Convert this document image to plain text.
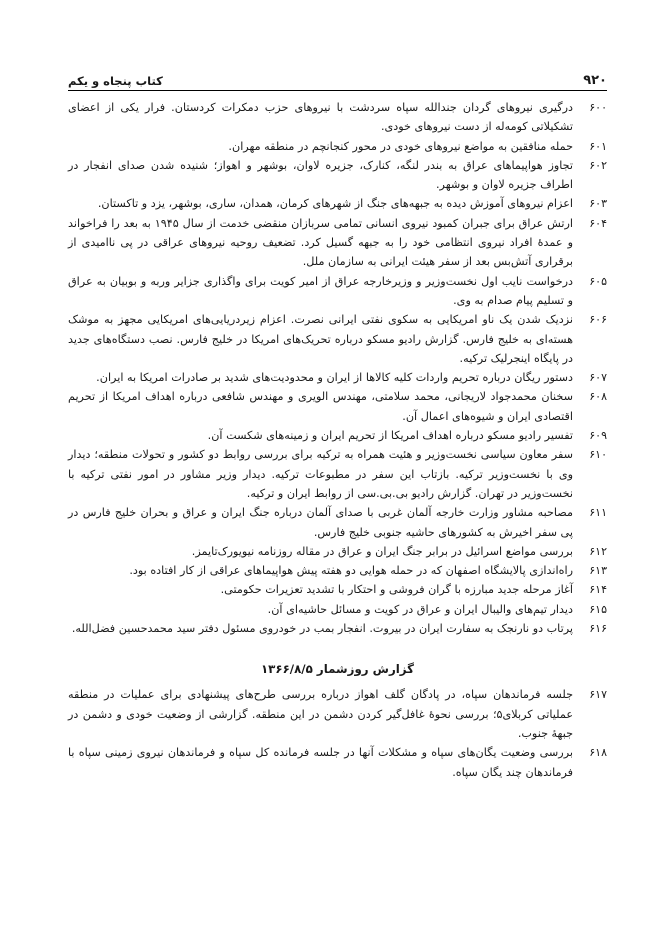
۹۲۰
کتاب پنجاه و یکم
۶۰۰
درگیری نیروهای گردان جندالله سپاه سردشت با نیروهای حزب دمکرات کردستان. فرار یکی از اعضای تشکیلاتی کومه‌له از دست نیروهای خودی.
۶۰۱
حمله منافقین به مواضع نیروهای خودی در محور کنجانچم در منطقه مهران.
۶۰۲
تجاوز هواپیماهای عراق به بندر لنگه، کنارک، جزیره لاوان، بوشهر و اهواز؛ شنیده شدن صدای انفجار در اطراف جزیره لاوان و بوشهر.
۶۰۳
اعزام نیروهای آموزش دیده به جبهه‌های جنگ از شهرهای کرمان، همدان، ساری، بوشهر، یزد و تاکستان.
۶۰۴
ارتش عراق برای جبران کمبود نیروی انسانی تمامی سربازان منقضی خدمت از سال ۱۹۴۵ به بعد را فراخواند و عمدهٔ افراد نیروی انتظامی خود را به جبهه گسیل کرد. تضعیف روحیه نیروهای عراقی در پی ناامیدی از برقراری آتش‌بس بعد از سفر هیئت ایرانی به سازمان ملل.
۶۰۵
درخواست نایب اول نخست‌وزیر و وزیرخارجه عراق از امیر کویت برای واگذاری جزایر وربه و بوبیان به عراق و تسلیم پیام صدام به وی.
۶۰۶
نزدیک شدن یک ناو امریکایی به سکوی نفتی ایرانی نصرت. اعزام زیردریایی‌های امریکایی مجهز به موشک هسته‌ای به خلیج فارس. گزارش رادیو مسکو درباره تحریک‌های امریکا در خلیج فارس. نصب دستگاه‌های جدید در پایگاه اینجرلیک ترکیه.
۶۰۷
دستور ریگان درباره تحریم واردات کلیه کالاها از ایران و محدودیت‌های شدید بر صادرات امریکا به ایران.
۶۰۸
سخنان محمدجواد لاریجانی، محمد سلامتی، مهندس الویری و مهندس شافعی درباره اهداف امریکا از تحریم اقتصادی ایران و شیوه‌های اعمال آن.
۶۰۹
تفسیر رادیو مسکو درباره اهداف امریکا از تحریم ایران و زمینه‌های شکست آن.
۶۱۰
سفر معاون سیاسی نخست‌وزیر و هئیت همراه به ترکیه برای بررسی روابط دو کشور و تحولات منطقه؛ دیدار وی با نخست‌وزیر ترکیه. بازتاب این سفر در مطبوعات ترکیه. دیدار وزیر مشاور در امور نفتی ترکیه با نخست‌وزیر در تهران. گزارش رادیو بی.بی.سی از روابط ایران و ترکیه.
۶۱۱
مصاحبه مشاور وزارت خارجه آلمان غربی با صدای آلمان درباره جنگ ایران و عراق و بحران خلیج فارس در پی سفر اخیرش به کشورهای حاشیه جنوبی خلیج فارس.
۶۱۲
بررسی مواضع اسرائیل در برابر جنگ ایران و عراق در مقاله روزنامه نیویورک‌تایمز.
۶۱۳
راه‌اندازی پالایشگاه اصفهان که در حمله هوایی دو هفته پیش هواپیماهای عراقی از کار افتاده بود.
۶۱۴
آغاز مرحله جدید مبارزه با گران فروشی و احتکار با تشدید تعزیرات حکومتی.
۶۱۵
دیدار تیم‌های والیبال ایران و عراق در کویت و مسائل حاشیه‌ای آن.
۶۱۶
پرتاب دو نارنجک به سفارت ایران در بیروت. انفجار بمب در خودروی مسئول دفتر سید محمدحسین فضل‌الله.
گزارش روزشمار ۱۳۶۶/۸/۵
۶۱۷
جلسه فرماندهان سپاه، در پادگان گلف اهواز درباره بررسی طرح‌های پیشنهادی برای عملیات در منطقه عملیاتی کربلای۵؛ بررسی نحوهٔ غافل‌گیر کردن دشمن در این منطقه. گزارشی از وضعیت خودی و دشمن در جبههٔ جنوب.
۶۱۸
بررسی وضعیت یگان‌های سپاه و مشکلات آنها در جلسه فرمانده کل سپاه و فرماندهان نیروی زمینی سپاه با فرماندهان چند یگان سپاه.
